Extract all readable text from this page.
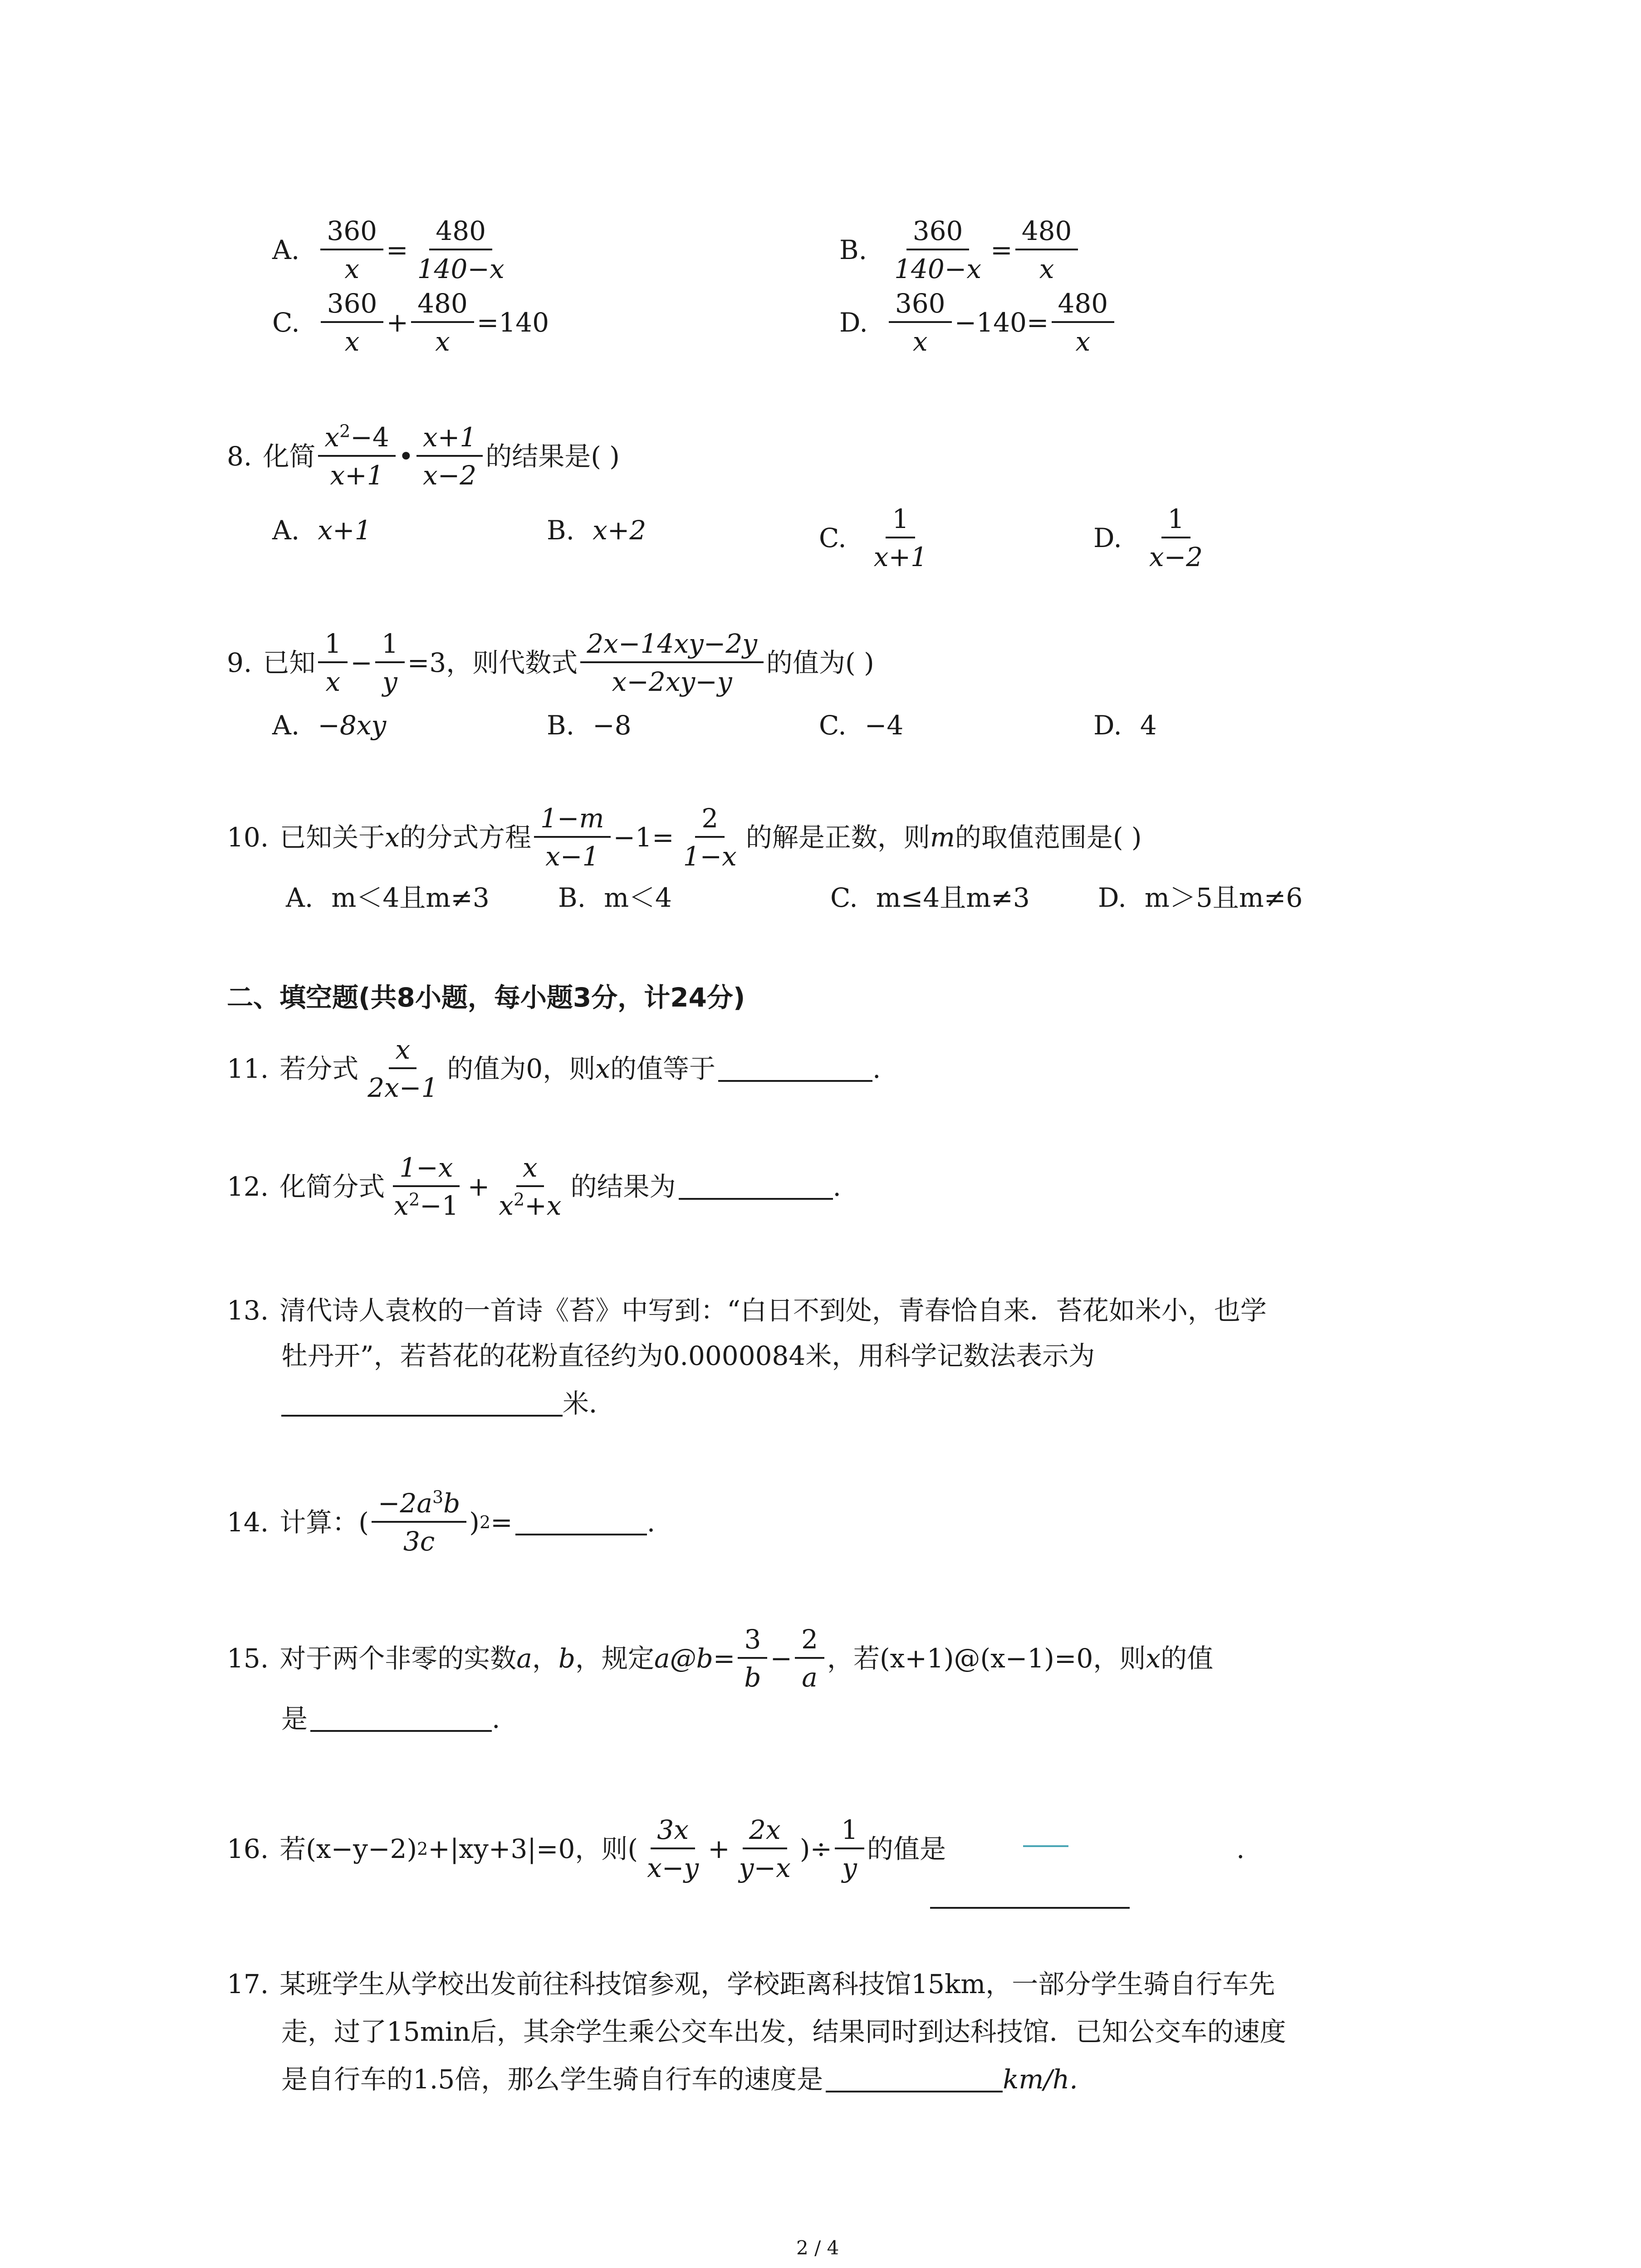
A. $\frac{360}{x} = \frac{480}{140-x}$	B. $\frac{360}{140-x} = \frac{480}{x}$
C. $\frac{360}{x} + \frac{480}{x} =140$	D. $\frac{360}{x} -140= \frac{480}{x}$
8. 化简 $\frac{x^2-4}{x+1}$ • $\frac{x+1}{x-2}$ 的结果是( )
A. x+1	B. x+2	C. $\frac{1}{x+1}$	D. $\frac{1}{x-2}$
9. 已知 $\frac{1}{x} - \frac{1}{y} =3$，则代数式 $\frac{2x-14xy-2y}{x-2xy-y}$ 的值为( )
A. −8xy	B. −8	C. −4	D. 4
10. 已知关于 x 的分式方程 $\frac{1-m}{x-1} -1= \frac{2}{1-x}$ 的解是正数，则 m 的取值范围是( )
A. m＜4且m≠3	B. m＜4	C. m≤4且m≠3	D. m＞5且m≠6
二、填空题(共8小题，每小题3分，计24分)
11. 若分式 $\frac{x}{2x-1}$ 的值为0，则 x 的值等于	.
12. 化简分式 $\frac{1-x}{x^2-1} + \frac{x}{x^2+x}$ 的结果为	.
13. 清代诗人袁枚的一首诗《苔》中写到：“白日不到处，青春恰自来．苔花如米小，也学
牡丹开”，若苔花的花粉直径约为0.0000084米，用科学记数法表示为
米．
14. 计算：( $\frac{-2a^3b}{3c}$ ) 2 =	.
15. 对于两个非零的实数 a ， b ，规定 a@b= $\frac{3}{b} - \frac{2}{a}$ ，若(x+1)@(x−1)=0，则 x 的值
是	.
16. 若(x−y−2) 2 +|xy+3|=0，则( $\frac{3x}{x-y} + \frac{2x}{y-x}$ )÷ $\frac{1}{y}$ 的值是	.
17. 某班学生从学校出发前往科技馆参观，学校距离科技馆15km，一部分学生骑自行车先
走，过了15min后，其余学生乘公交车出发，结果同时到达科技馆．已知公交车的速度
是自行车的1.5倍，那么学生骑自行车的速度是	km/h.
2 / 4
